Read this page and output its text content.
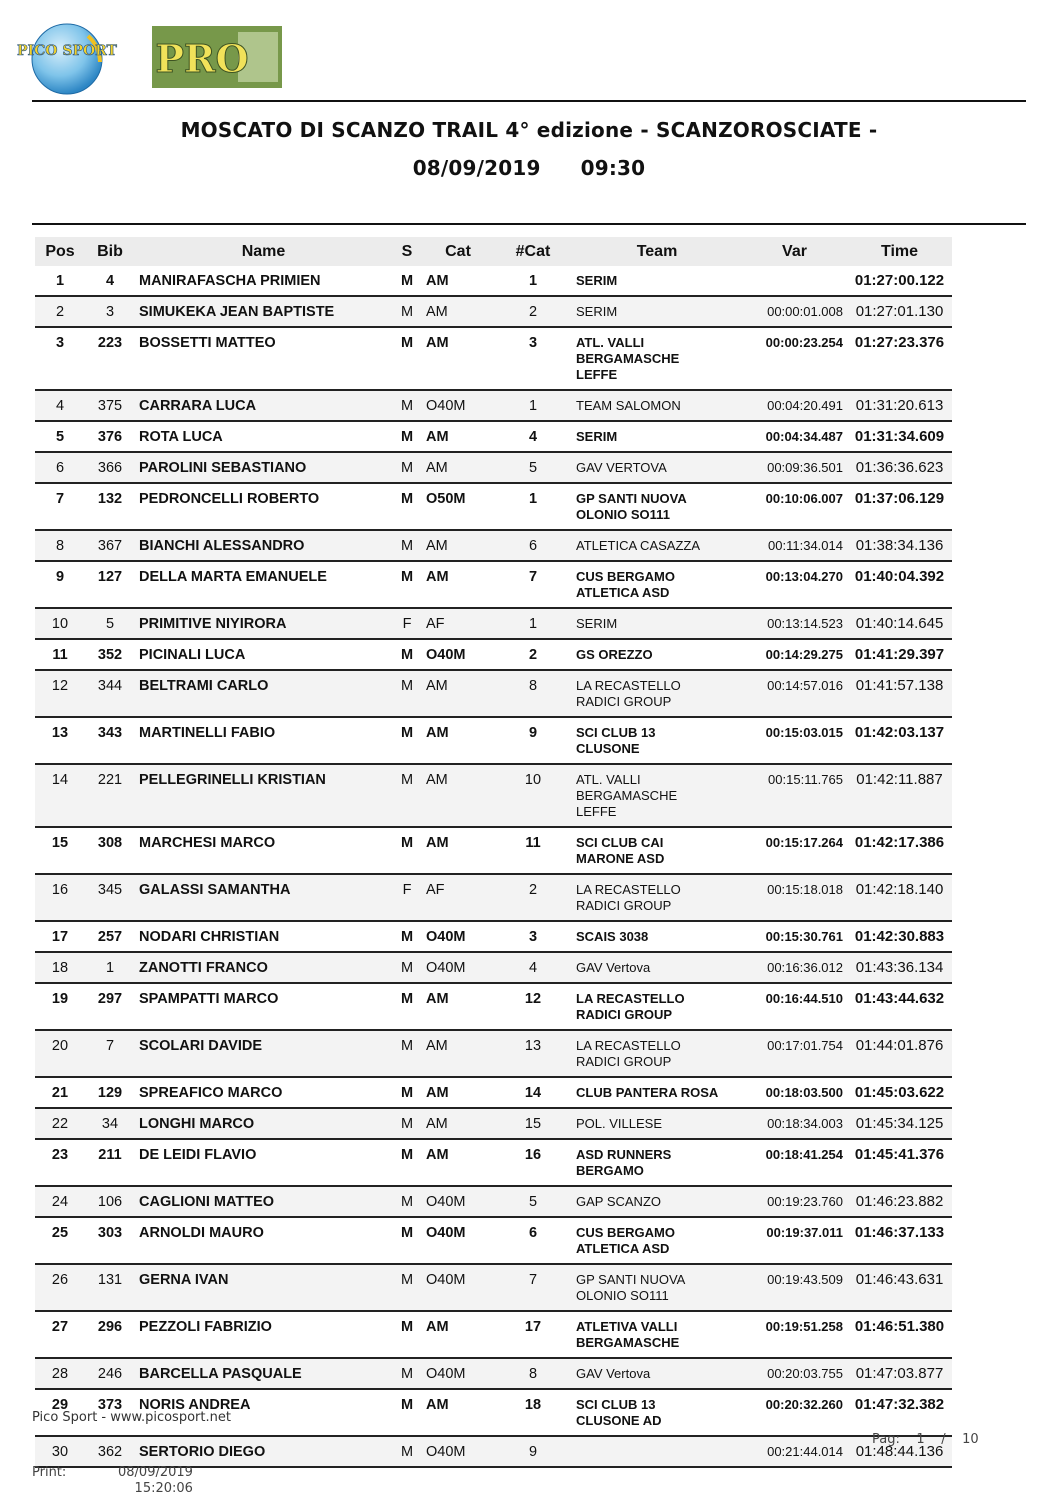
PICO SPORT PRO
MOSCATO DI SCANZO TRAIL 4° edizione - SCANZOROSCIATE -
08/09/2019 09:30
Pos	Bib	Name	S	Cat	#Cat	Team	Var	Time
1	4	MANIRAFASCHA PRIMIEN	M	AM	1	SERIM		01:27:00.122
2	3	SIMUKEKA JEAN BAPTISTE	M	AM	2	SERIM	00:00:01.008	01:27:01.130
3	223	BOSSETTI MATTEO	M	AM	3	ATL. VALLI
BERGAMASCHE
LEFFE	00:00:23.254	01:27:23.376
4	375	CARRARA LUCA	M	O40M	1	TEAM SALOMON	00:04:20.491	01:31:20.613
5	376	ROTA LUCA	M	AM	4	SERIM	00:04:34.487	01:31:34.609
6	366	PAROLINI SEBASTIANO	M	AM	5	GAV VERTOVA	00:09:36.501	01:36:36.623
7	132	PEDRONCELLI ROBERTO	M	O50M	1	GP SANTI NUOVA
OLONIO SO111	00:10:06.007	01:37:06.129
8	367	BIANCHI ALESSANDRO	M	AM	6	ATLETICA CASAZZA	00:11:34.014	01:38:34.136
9	127	DELLA MARTA EMANUELE	M	AM	7	CUS BERGAMO
ATLETICA ASD	00:13:04.270	01:40:04.392
10	5	PRIMITIVE NIYIRORA	F	AF	1	SERIM	00:13:14.523	01:40:14.645
11	352	PICINALI LUCA	M	O40M	2	GS OREZZO	00:14:29.275	01:41:29.397
12	344	BELTRAMI CARLO	M	AM	8	LA RECASTELLO
RADICI GROUP	00:14:57.016	01:41:57.138
13	343	MARTINELLI FABIO	M	AM	9	SCI CLUB 13
CLUSONE	00:15:03.015	01:42:03.137
14	221	PELLEGRINELLI KRISTIAN	M	AM	10	ATL. VALLI
BERGAMASCHE
LEFFE	00:15:11.765	01:42:11.887
15	308	MARCHESI MARCO	M	AM	11	SCI CLUB CAI
MARONE ASD	00:15:17.264	01:42:17.386
16	345	GALASSI SAMANTHA	F	AF	2	LA RECASTELLO
RADICI GROUP	00:15:18.018	01:42:18.140
17	257	NODARI CHRISTIAN	M	O40M	3	SCAIS 3038	00:15:30.761	01:42:30.883
18	1	ZANOTTI FRANCO	M	O40M	4	GAV Vertova	00:16:36.012	01:43:36.134
19	297	SPAMPATTI MARCO	M	AM	12	LA RECASTELLO
RADICI GROUP	00:16:44.510	01:43:44.632
20	7	SCOLARI DAVIDE	M	AM	13	LA RECASTELLO
RADICI GROUP	00:17:01.754	01:44:01.876
21	129	SPREAFICO MARCO	M	AM	14	CLUB PANTERA ROSA	00:18:03.500	01:45:03.622
22	34	LONGHI MARCO	M	AM	15	POL. VILLESE	00:18:34.003	01:45:34.125
23	211	DE LEIDI FLAVIO	M	AM	16	ASD RUNNERS
BERGAMO	00:18:41.254	01:45:41.376
24	106	CAGLIONI MATTEO	M	O40M	5	GAP SCANZO	00:19:23.760	01:46:23.882
25	303	ARNOLDI MAURO	M	O40M	6	CUS BERGAMO
ATLETICA ASD	00:19:37.011	01:46:37.133
26	131	GERNA IVAN	M	O40M	7	GP SANTI NUOVA
OLONIO SO111	00:19:43.509	01:46:43.631
27	296	PEZZOLI FABRIZIO	M	AM	17	ATLETIVA VALLI
BERGAMASCHE	00:19:51.258	01:46:51.380
28	246	BARCELLA PASQUALE	M	O40M	8	GAV Vertova	00:20:03.755	01:47:03.877
29	373	NORIS ANDREA	M	AM	18	SCI CLUB 13
CLUSONE AD	00:20:32.260	01:47:32.382
30	362	SERTORIO DIEGO	M	O40M	9		00:21:44.014	01:48:44.136
Pico Sport - www.picosport.net
Pag: 1 / 10
Print:	08/09/2019
15:20:06
